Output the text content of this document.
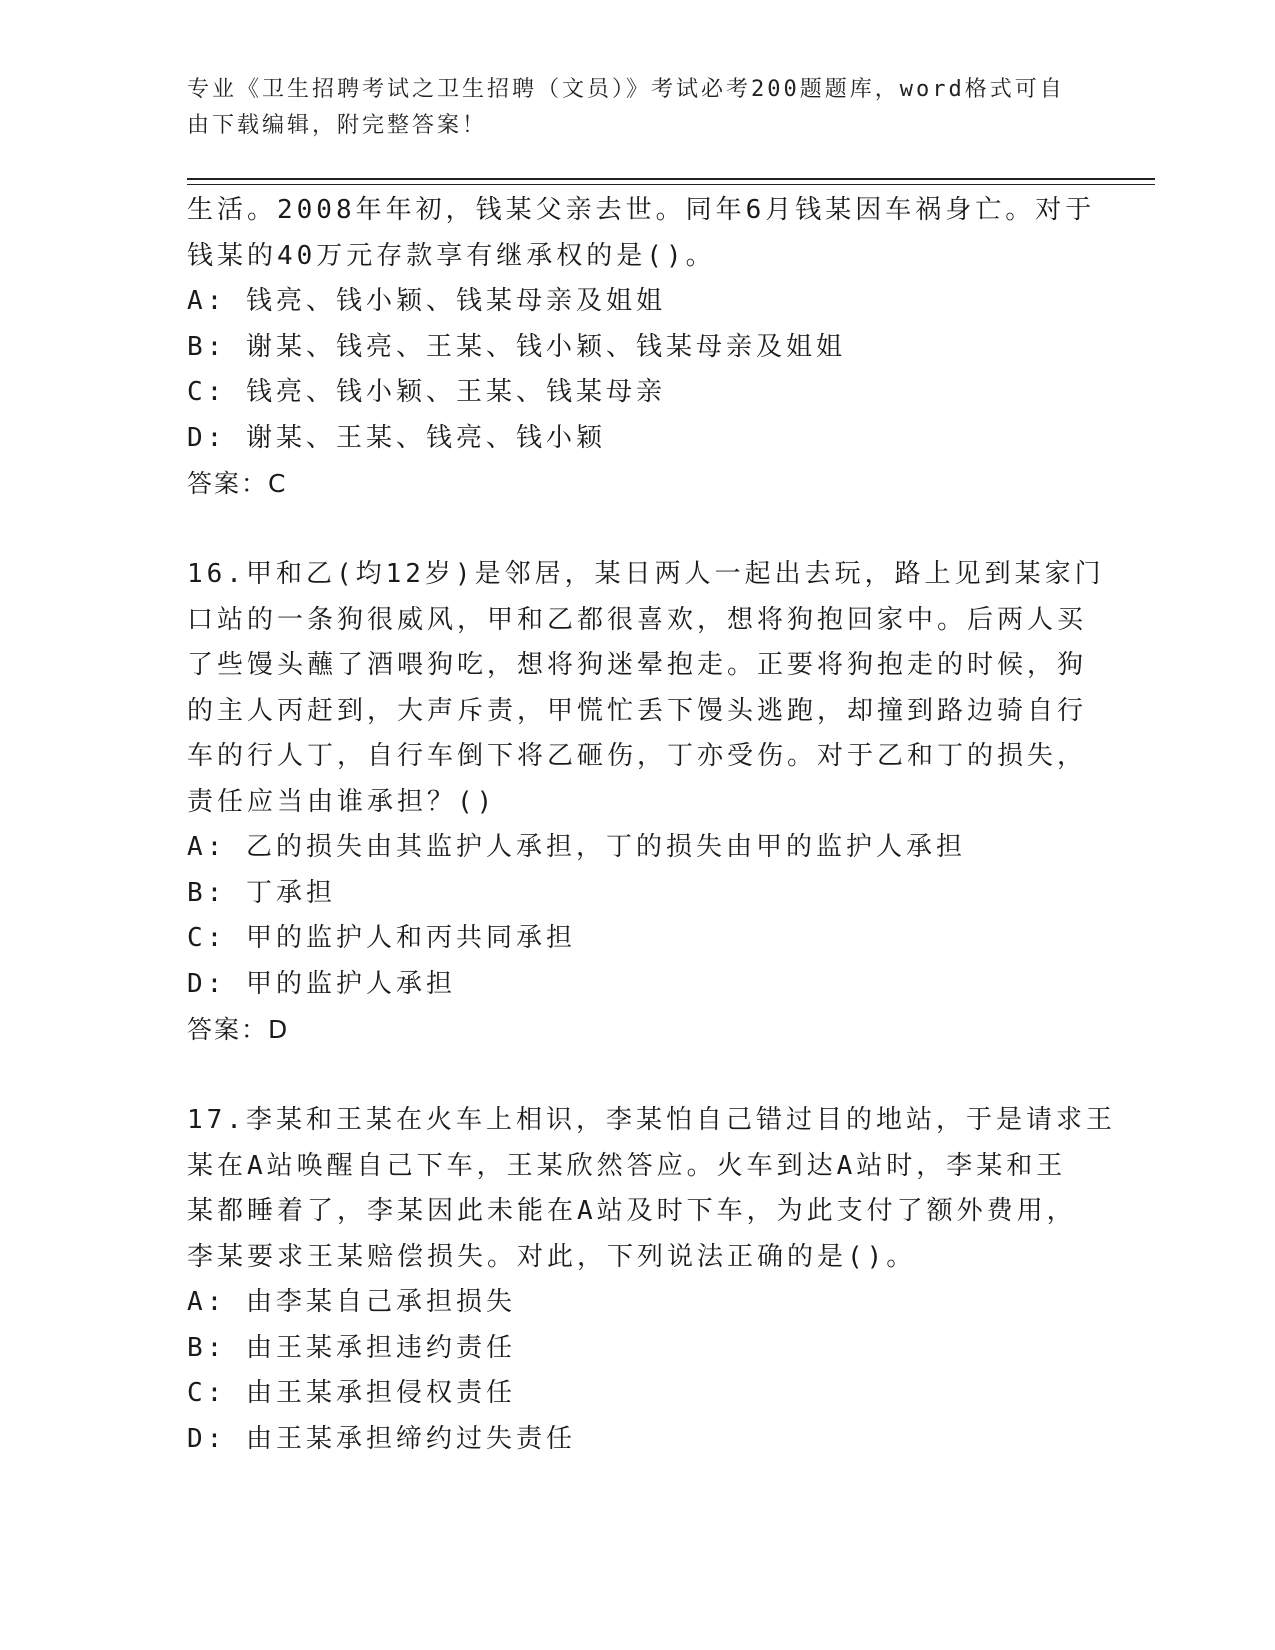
专业《卫生招聘考试之卫生招聘（文员）》考试必考200题题库，word格式可自
由下载编辑，附完整答案！
生活。2008年年初，钱某父亲去世。同年6月钱某因车祸身亡。对于
钱某的40万元存款享有继承权的是()。
A: 钱亮、钱小颖、钱某母亲及姐姐
B: 谢某、钱亮、王某、钱小颖、钱某母亲及姐姐
C: 钱亮、钱小颖、王某、钱某母亲
D: 谢某、王某、钱亮、钱小颖
答案：C
16.甲和乙(均12岁)是邻居，某日两人一起出去玩，路上见到某家门
口站的一条狗很威风，甲和乙都很喜欢，想将狗抱回家中。后两人买
了些馒头蘸了酒喂狗吃，想将狗迷晕抱走。正要将狗抱走的时候，狗
的主人丙赶到，大声斥责，甲慌忙丢下馒头逃跑，却撞到路边骑自行
车的行人丁，自行车倒下将乙砸伤，丁亦受伤。对于乙和丁的损失，
责任应当由谁承担？()
A: 乙的损失由其监护人承担，丁的损失由甲的监护人承担
B: 丁承担
C: 甲的监护人和丙共同承担
D: 甲的监护人承担
答案：D
17.李某和王某在火车上相识，李某怕自己错过目的地站，于是请求王
某在A站唤醒自己下车，王某欣然答应。火车到达A站时，李某和王
某都睡着了，李某因此未能在A站及时下车，为此支付了额外费用，
李某要求王某赔偿损失。对此，下列说法正确的是()。
A: 由李某自己承担损失
B: 由王某承担违约责任
C: 由王某承担侵权责任
D: 由王某承担缔约过失责任
